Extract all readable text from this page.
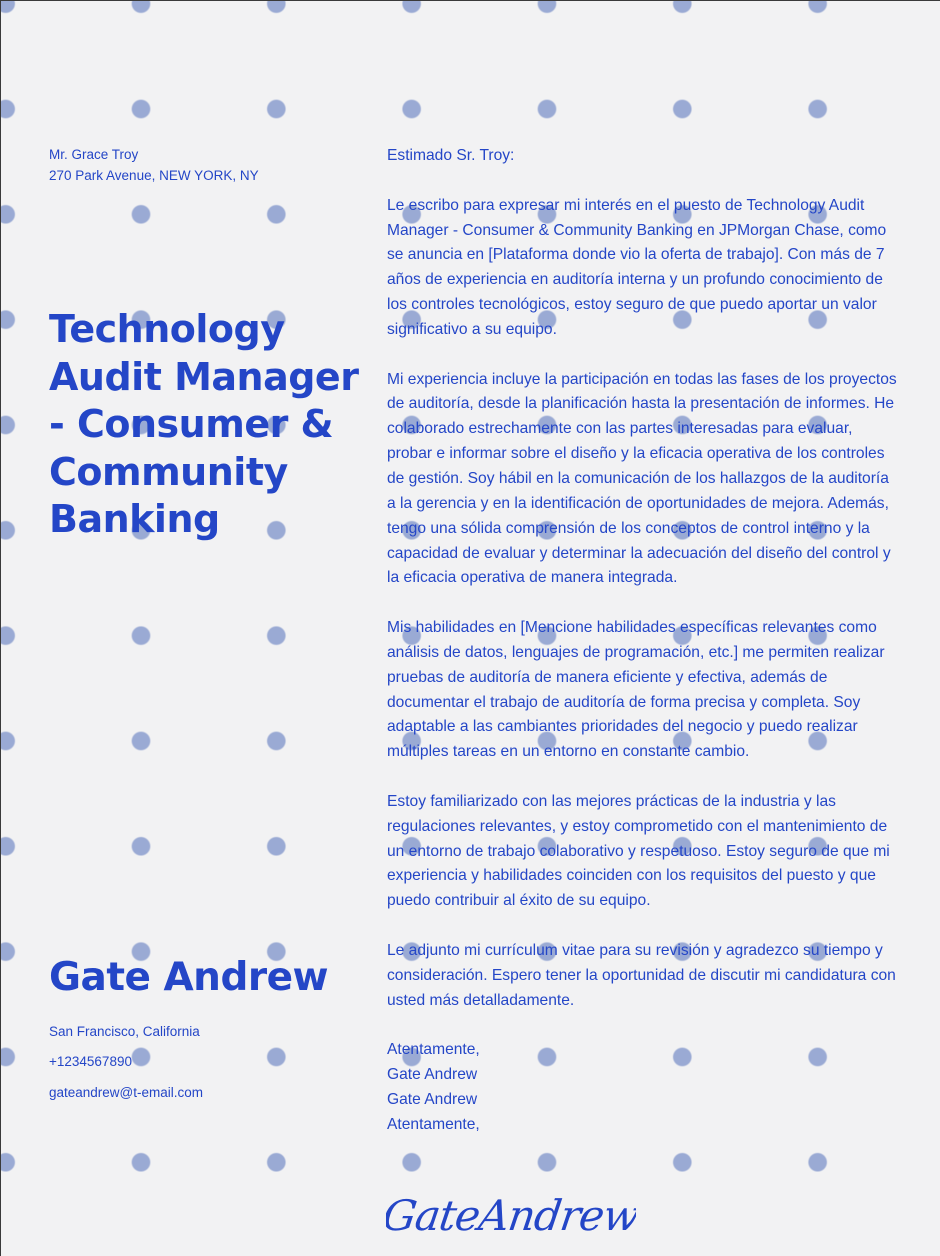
Mr. Grace Troy
270 Park Avenue, NEW YORK, NY
Technology Audit Manager - Consumer & Community Banking
Gate Andrew
San Francisco, California
+1234567890
gateandrew@t-email.com

Estimado Sr. Troy:

Le escribo para expresar mi interés en el puesto de Technology Audit Manager - Consumer & Community Banking en JPMorgan Chase, como se anuncia en [Plataforma donde vio la oferta de trabajo]. Con más de 7 años de experiencia en auditoría interna y un profundo conocimiento de los controles tecnológicos, estoy seguro de que puedo aportar un valor significativo a su equipo.

Mi experiencia incluye la participación en todas las fases de los proyectos de auditoría, desde la planificación hasta la presentación de informes. He colaborado estrechamente con las partes interesadas para evaluar, probar e informar sobre el diseño y la eficacia operativa de los controles de gestión. Soy hábil en la comunicación de los hallazgos de la auditoría a la gerencia y en la identificación de oportunidades de mejora. Además, tengo una sólida comprensión de los conceptos de control interno y la capacidad de evaluar y determinar la adecuación del diseño del control y la eficacia operativa de manera integrada.

Mis habilidades en [Mencione habilidades específicas relevantes como análisis de datos, lenguajes de programación, etc.] me permiten realizar pruebas de auditoría de manera eficiente y efectiva, además de documentar el trabajo de auditoría de forma precisa y completa. Soy adaptable a las cambiantes prioridades del negocio y puedo realizar múltiples tareas en un entorno en constante cambio.

Estoy familiarizado con las mejores prácticas de la industria y las regulaciones relevantes, y estoy comprometido con el mantenimiento de un entorno de trabajo colaborativo y respetuoso. Estoy seguro de que mi experiencia y habilidades coinciden con los requisitos del puesto y que puedo contribuir al éxito de su equipo.

Le adjunto mi currículum vitae para su revisión y agradezco su tiempo y consideración. Espero tener la oportunidad de discutir mi candidatura con usted más detalladamente.

Atentamente,
Gate Andrew
Gate Andrew
Atentamente,
GateAndrew
